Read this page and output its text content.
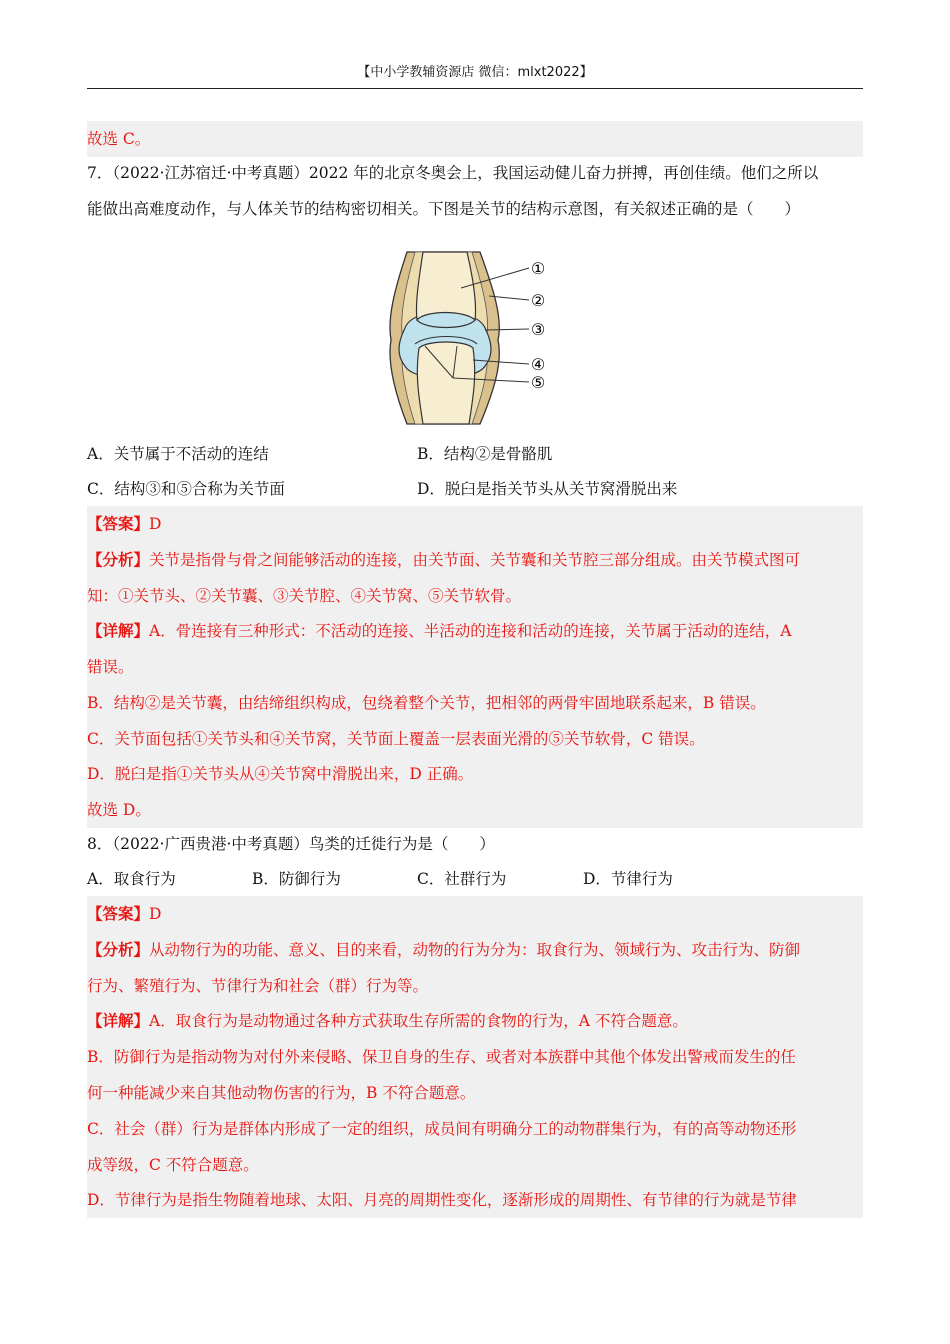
【中小学教辅资源店 微信：mlxt2022】
故选 C。
7．（2022·江苏宿迁·中考真题）2022 年的北京冬奥会上，我国运动健儿奋力拼搏，再创佳绩。他们之所以
能做出高难度动作，与人体关节的结构密切相关。下图是关节的结构示意图，有关叙述正确的是（　　）
①
②
③
④
⑤
A．关节属于不活动的连结	B．结构②是骨骼肌
C．结构③和⑤合称为关节面	D．脱臼是指关节头从关节窝滑脱出来
【答案】D
【分析】关节是指骨与骨之间能够活动的连接，由关节面、关节囊和关节腔三部分组成。由关节模式图可
知：①关节头、②关节囊、③关节腔、④关节窝、⑤关节软骨。
【详解】A．骨连接有三种形式：不活动的连接、半活动的连接和活动的连接，关节属于活动的连结，A
错误。
B．结构②是关节囊，由结缔组织构成，包绕着整个关节，把相邻的两骨牢固地联系起来，B 错误。
C．关节面包括①关节头和④关节窝，关节面上覆盖一层表面光滑的⑤关节软骨，C 错误。
D．脱臼是指①关节头从④关节窝中滑脱出来，D 正确。
故选 D。
8．（2022·广西贵港·中考真题）鸟类的迁徙行为是（　　）
A．取食行为	B．防御行为	C．社群行为	D．节律行为
【答案】D
【分析】从动物行为的功能、意义、目的来看，动物的行为分为：取食行为、领域行为、攻击行为、防御
行为、繁殖行为、节律行为和社会（群）行为等。
【详解】A．取食行为是动物通过各种方式获取生存所需的食物的行为，A 不符合题意。
B．防御行为是指动物为对付外来侵略、保卫自身的生存、或者对本族群中其他个体发出警戒而发生的任
何一种能减少来自其他动物伤害的行为，B 不符合题意。
C．社会（群）行为是群体内形成了一定的组织，成员间有明确分工的动物群集行为，有的高等动物还形
成等级，C 不符合题意。
D．节律行为是指生物随着地球、太阳、月亮的周期性变化，逐渐形成的周期性、有节律的行为就是节律
